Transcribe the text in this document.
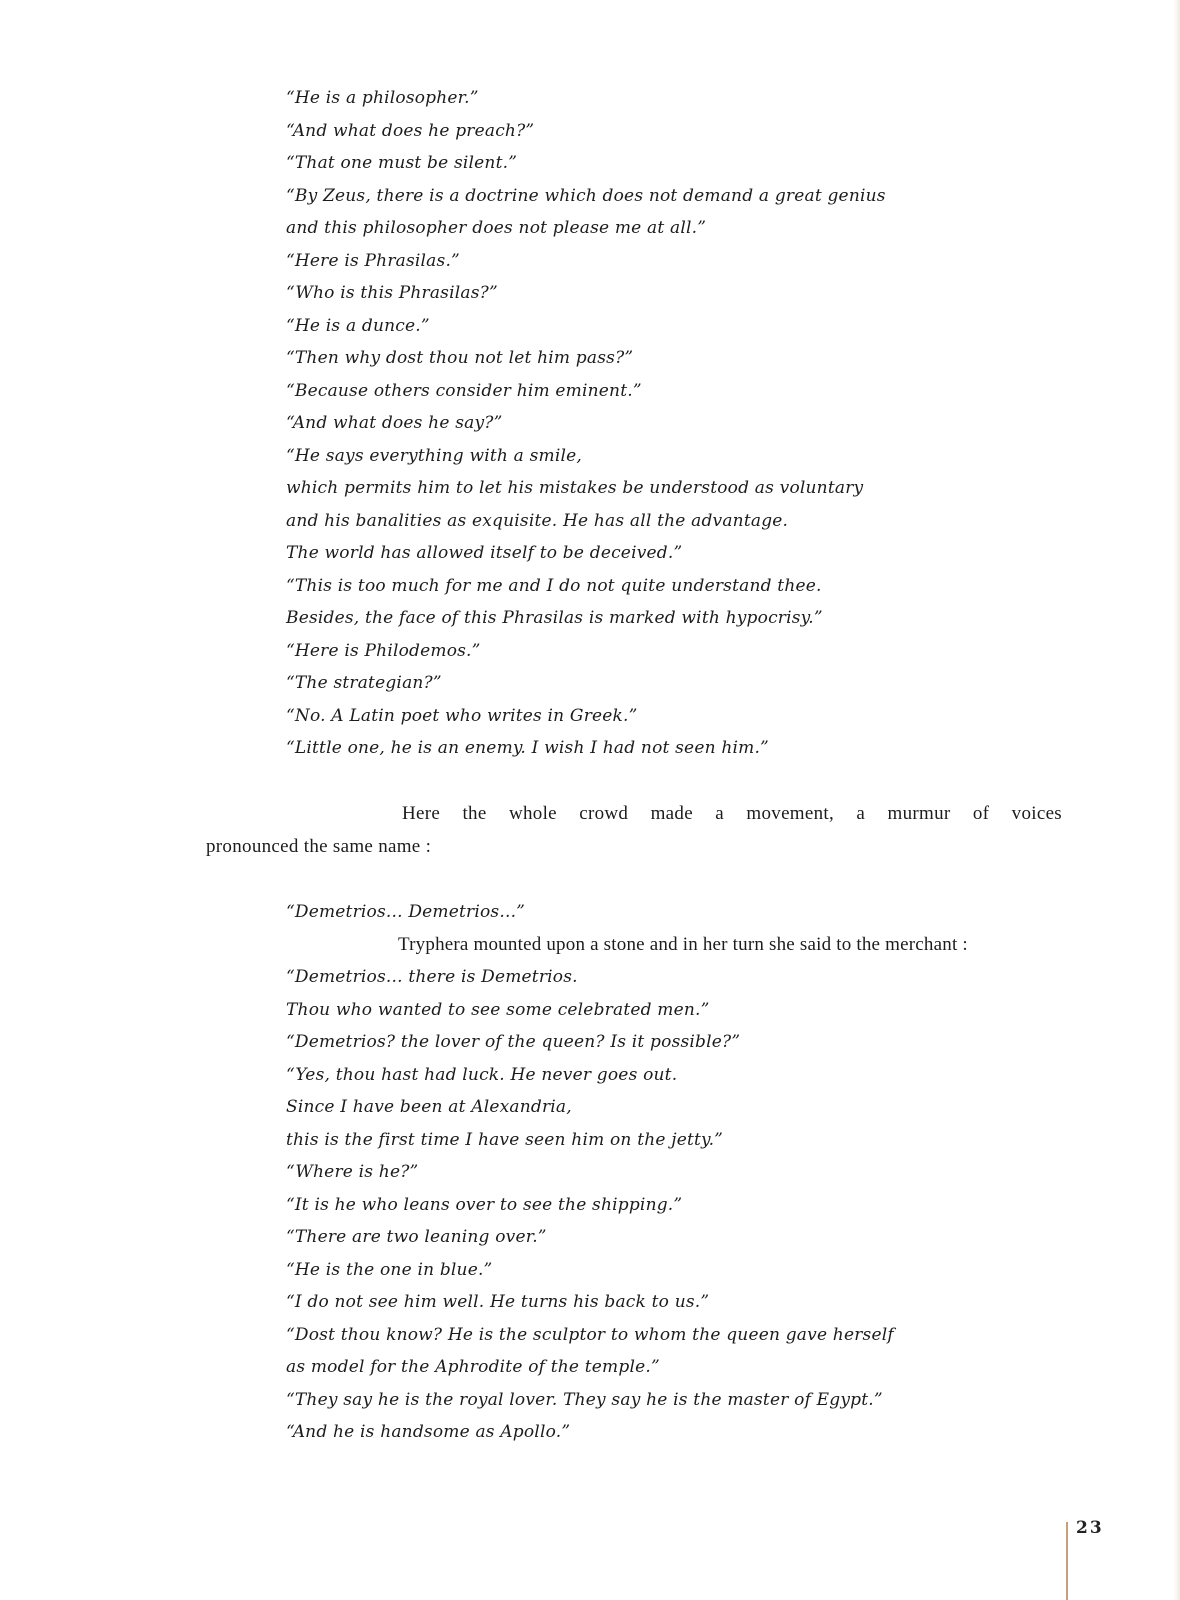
“He is a philosopher.”
“And what does he preach?”
“That one must be silent.”
“By Zeus, there is a doctrine which does not demand a great genius
and this philosopher does not please me at all.”
“Here is Phrasilas.”
“Who is this Phrasilas?”
“He is a dunce.”
“Then why dost thou not let him pass?”
“Because others consider him eminent.”
“And what does he say?”
“He says everything with a smile,
which permits him to let his mistakes be understood as voluntary
and his banalities as exquisite. He has all the advantage.
The world has allowed itself to be deceived.”
“This is too much for me and I do not quite understand thee.
Besides, the face of this Phrasilas is marked with hypocrisy.”
“Here is Philodemos.”
“The strategian?”
“No. A Latin poet who writes in Greek.”
“Little one, he is an enemy. I wish I had not seen him.”
Here the whole crowd made a movement, a murmur of voices
pronounced the same name :
“Demetrios... Demetrios...”
Tryphera mounted upon a stone and in her turn she said to the merchant :
“Demetrios... there is Demetrios.
Thou who wanted to see some celebrated men.”
“Demetrios? the lover of the queen? Is it possible?”
“Yes, thou hast had luck. He never goes out.
Since I have been at Alexandria,
this is the first time I have seen him on the jetty.”
“Where is he?”
“It is he who leans over to see the shipping.”
“There are two leaning over.”
“He is the one in blue.”
“I do not see him well. He turns his back to us.”
“Dost thou know? He is the sculptor to whom the queen gave herself
as model for the Aphrodite of the temple.”
“They say he is the royal lover. They say he is the master of Egypt.”
“And he is handsome as Apollo.”
23
